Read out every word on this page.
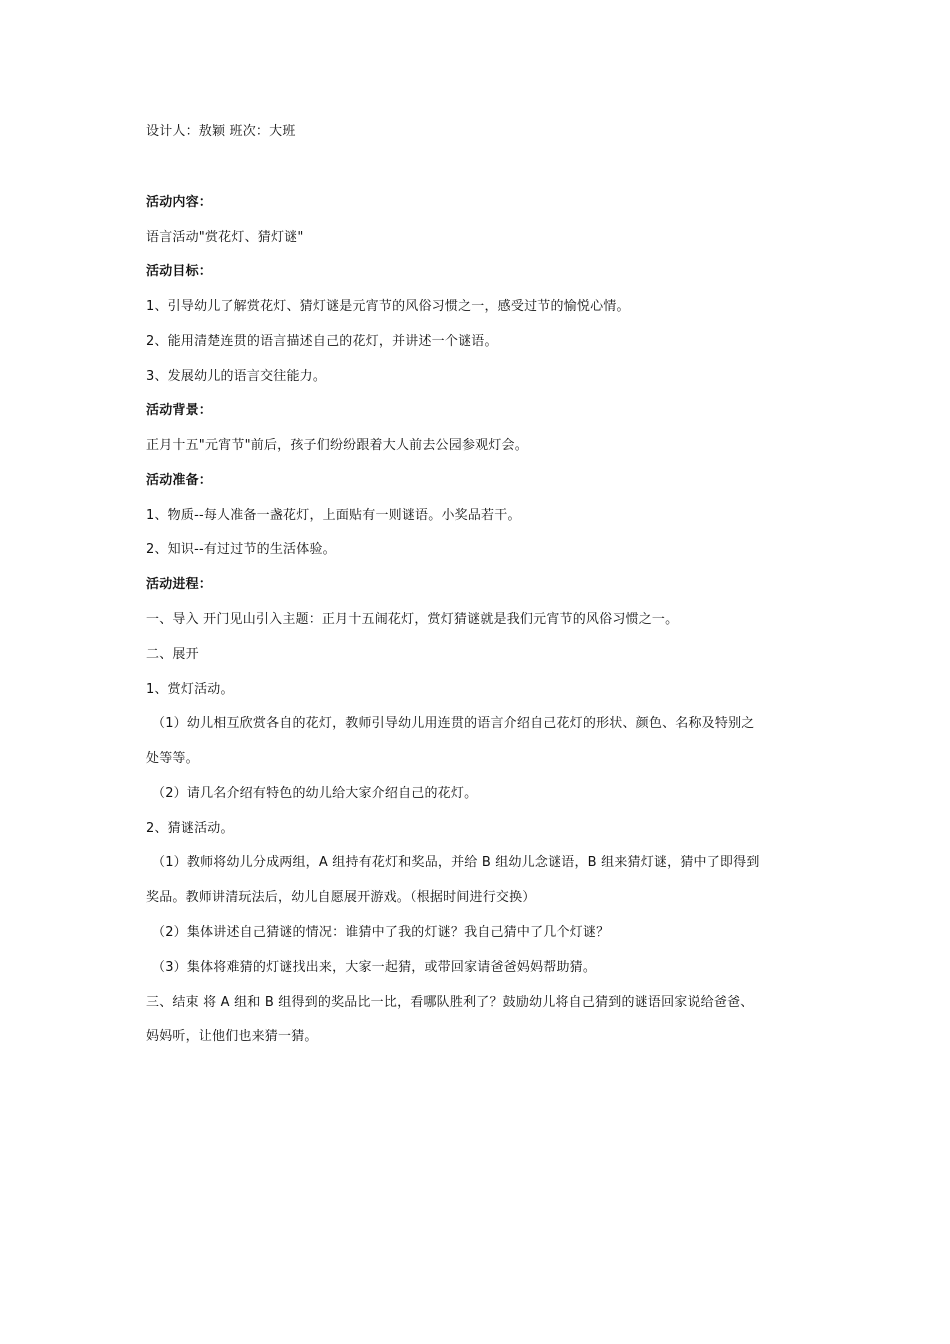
设计人：敖颖 班次：大班
活动内容：
语言活动"赏花灯、猜灯谜"
活动目标：
1、引导幼儿了解赏花灯、猜灯谜是元宵节的风俗习惯之一，感受过节的愉悦心情。
2、能用清楚连贯的语言描述自己的花灯，并讲述一个谜语。
3、发展幼儿的语言交往能力。
活动背景：
正月十五"元宵节"前后，孩子们纷纷跟着大人前去公园参观灯会。
活动准备：
1、物质--每人准备一盏花灯，上面贴有一则谜语。小奖品若干。
2、知识--有过过节的生活体验。
活动进程：
一、导入 开门见山引入主题：正月十五闹花灯，赏灯猜谜就是我们元宵节的风俗习惯之一。
二、展开
1、赏灯活动。
（1）幼儿相互欣赏各自的花灯，教师引导幼儿用连贯的语言介绍自己花灯的形状、颜色、名称及特别之
处等等。
（2）请几名介绍有特色的幼儿给大家介绍自己的花灯。
2、猜谜活动。
（1）教师将幼儿分成两组，A 组持有花灯和奖品，并给 B 组幼儿念谜语，B 组来猜灯谜，猜中了即得到
奖品。教师讲清玩法后，幼儿自愿展开游戏。（根据时间进行交换）
（2）集体讲述自己猜谜的情况：谁猜中了我的灯谜？我自己猜中了几个灯谜？
（3）集体将难猜的灯谜找出来，大家一起猜，或带回家请爸爸妈妈帮助猜。
三、结束 将 A 组和 B 组得到的奖品比一比，看哪队胜利了？鼓励幼儿将自己猜到的谜语回家说给爸爸、
妈妈听，让他们也来猜一猜。
